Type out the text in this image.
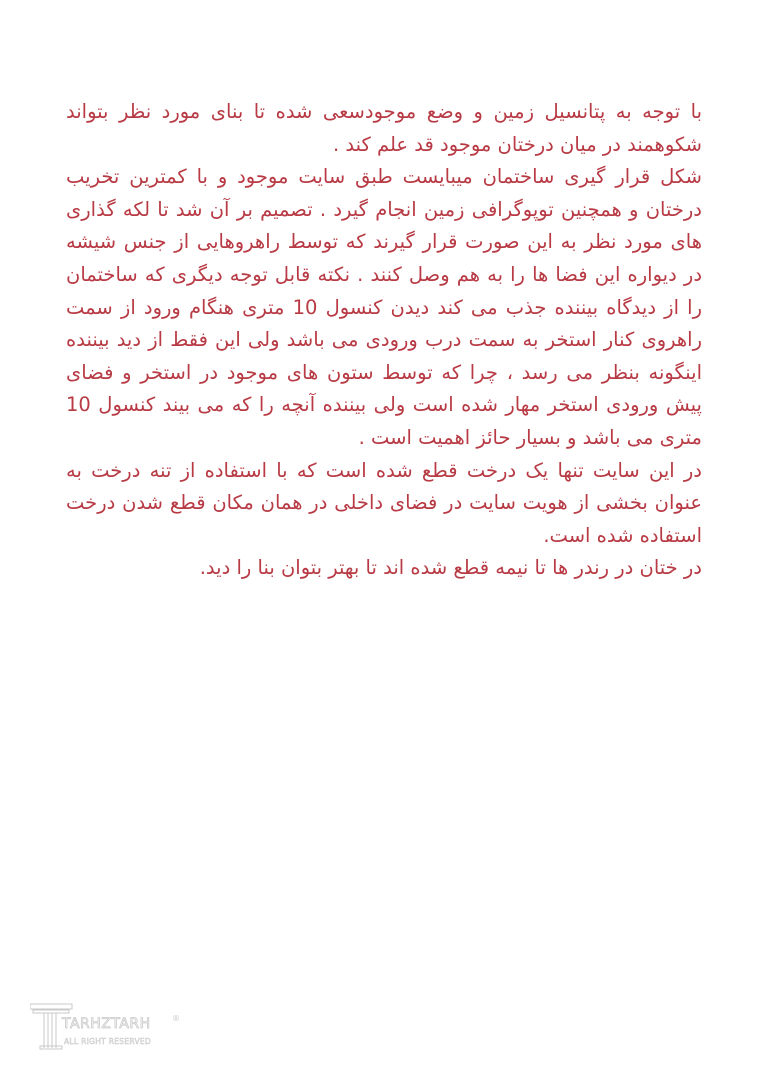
با توجه به پتانسیل زمین و وضع موجودسعی شده تا بنای مورد نظر بتواند شکوهمند در میان درختان موجود قد علم کند .

شکل قرار گیری ساختمان میبایست طبق سایت موجود و با کمترین تخریب درختان و همچنین توپوگرافی زمین انجام گیرد . تصمیم بر آن شد تا لکه گذاری های مورد نظر به این صورت قرار گیرند که توسط راهروهایی از جنس شیشه در دیواره این فضا ها را به هم وصل کنند . نکته قابل توجه دیگری که ساختمان را از دیدگاه بیننده جذب می کند دیدن کنسول 10 متری هنگام ورود از سمت راهروی کنار استخر به سمت درب ورودی می باشد ولی این فقط از دید بیننده اینگونه بنظر می رسد ، چرا که توسط ستون های موجود در استخر و فضای پیش ورودی استخر مهار شده است ولی بیننده آنچه را که می بیند کنسول 10 متری می باشد و بسیار حائز اهمیت است .

در این سایت تنها یک درخت قطع شده است که با استفاده از تنه درخت به عنوان بخشی از هویت سایت در فضای داخلی در همان مکان قطع شدن درخت استفاده شده است.

در ختان در رندر ها تا نیمه قطع شده اند تا بهتر بتوان بنا را دید.

TARHZTARH	®
ALL RIGHT RESERVED
